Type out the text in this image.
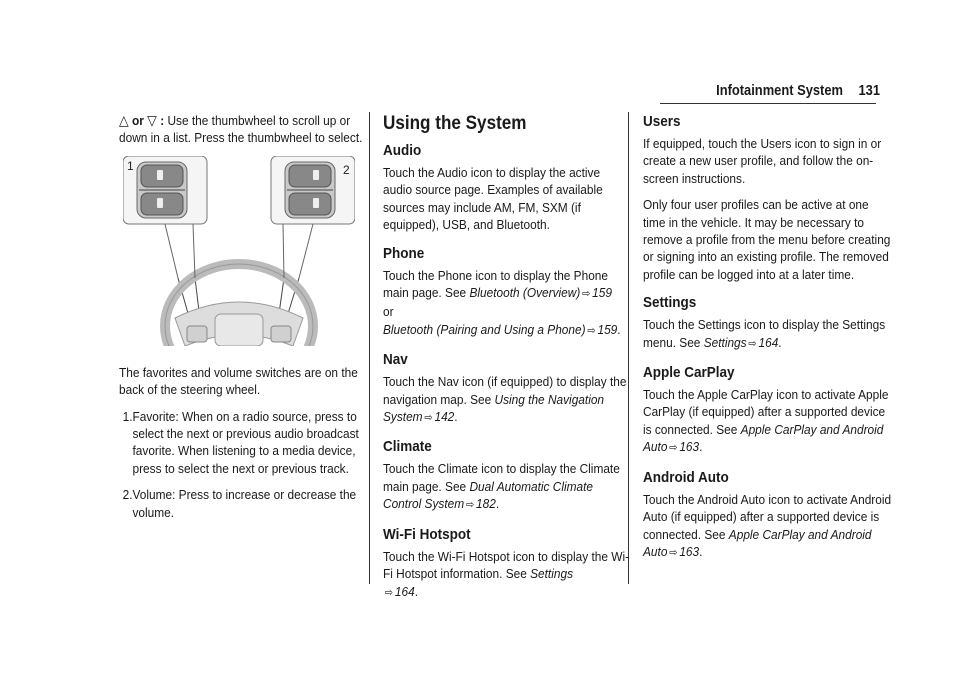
Infotainment System 131

△ or ▽ : Use the thumbwheel to scroll up or down in a list. Press the thumbwheel to select.

1	2

The favorites and volume switches are on the back of the steering wheel.

1. Favorite: When on a radio source, press to select the next or previous audio broadcast favorite. When listening to a media device, press to select the next or previous track.
2. Volume: Press to increase or decrease the volume.
Using the System
Audio

Touch the Audio icon to display the active audio source page. Examples of available sources may include AM, FM, SXM (if equipped), USB, and Bluetooth.

Phone

Touch the Phone icon to display the Phone main page. See Bluetooth (Overview) ⇨ 159
or
Bluetooth (Pairing and Using a Phone) ⇨ 159.

Nav

Touch the Nav icon (if equipped) to display the navigation map. See Using the Navigation System ⇨ 142.

Climate

Touch the Climate icon to display the Climate main page. See Dual Automatic Climate Control System ⇨ 182.

Wi-Fi Hotspot

Touch the Wi-Fi Hotspot icon to display the Wi-Fi Hotspot information. See Settings
⇨ 164.

Users

If equipped, touch the Users icon to sign in or create a new user profile, and follow the on-screen instructions.

Only four user profiles can be active at one time in the vehicle. It may be necessary to remove a profile from the menu before creating or signing into an existing profile. The removed profile can be logged into at a later time.

Settings

Touch the Settings icon to display the Settings menu. See Settings ⇨ 164.

Apple CarPlay

Touch the Apple CarPlay icon to activate Apple CarPlay (if equipped) after a supported device is connected. See Apple CarPlay and Android Auto ⇨ 163.

Android Auto

Touch the Android Auto icon to activate Android Auto (if equipped) after a supported device is connected. See Apple CarPlay and Android Auto ⇨ 163.
